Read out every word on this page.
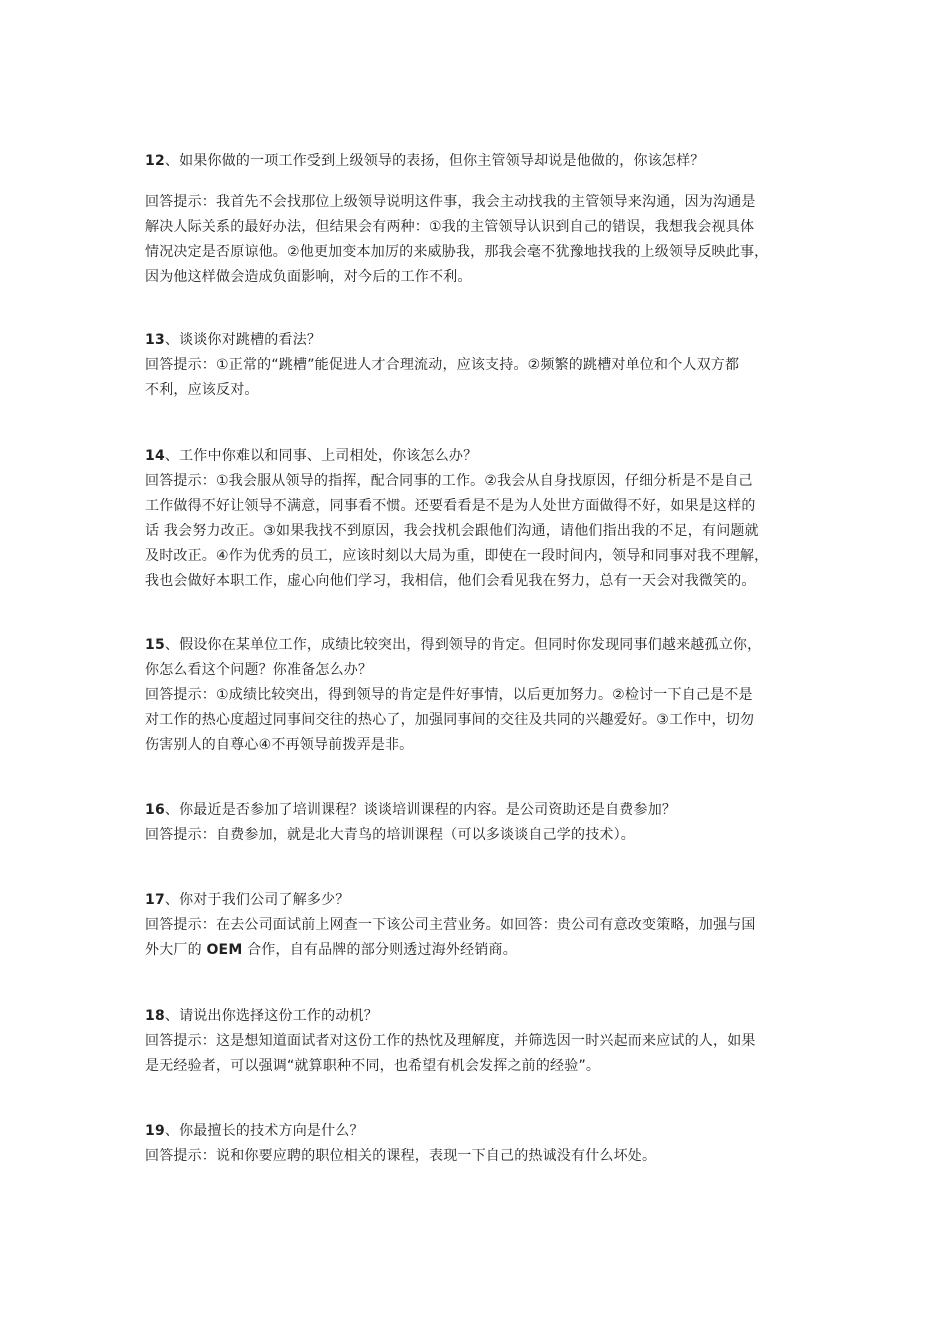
12、如果你做的一项工作受到上级领导的表扬，但你主管领导却说是他做的，你该怎样？
回答提示：我首先不会找那位上级领导说明这件事，我会主动找我的主管领导来沟通，因为沟通是
解决人际关系的最好办法，但结果会有两种：①我的主管领导认识到自己的错误，我想我会视具体
情况决定是否原谅他。②他更加变本加厉的来威胁我，那我会毫不犹豫地找我的上级领导反映此事，
因为他这样做会造成负面影响，对今后的工作不利。
13、谈谈你对跳槽的看法？
回答提示：①正常的“跳槽”能促进人才合理流动，应该支持。②频繁的跳槽对单位和个人双方都
不利，应该反对。
14、工作中你难以和同事、上司相处，你该怎么办？
回答提示：①我会服从领导的指挥，配合同事的工作。②我会从自身找原因，仔细分析是不是自己
工作做得不好让领导不满意，同事看不惯。还要看看是不是为人处世方面做得不好，如果是这样的
话 我会努力改正。③如果我找不到原因，我会找机会跟他们沟通，请他们指出我的不足，有问题就
及时改正。④作为优秀的员工，应该时刻以大局为重，即使在一段时间内，领导和同事对我不理解，
我也会做好本职工作，虚心向他们学习，我相信，他们会看见我在努力，总有一天会对我微笑的。
15、假设你在某单位工作，成绩比较突出，得到领导的肯定。但同时你发现同事们越来越孤立你，
你怎么看这个问题？你准备怎么办？
回答提示：①成绩比较突出，得到领导的肯定是件好事情，以后更加努力。②检讨一下自己是不是
对工作的热心度超过同事间交往的热心了，加强同事间的交往及共同的兴趣爱好。③工作中，切勿
伤害别人的自尊心④不再领导前拨弄是非。
16、你最近是否参加了培训课程？谈谈培训课程的内容。是公司资助还是自费参加？
回答提示：自费参加，就是北大青鸟的培训课程（可以多谈谈自己学的技术）。
17、你对于我们公司了解多少？
回答提示：在去公司面试前上网查一下该公司主营业务。如回答：贵公司有意改变策略，加强与国
外大厂的 OEM 合作，自有品牌的部分则透过海外经销商。
18、请说出你选择这份工作的动机？
回答提示：这是想知道面试者对这份工作的热忱及理解度，并筛选因一时兴起而来应试的人，如果
是无经验者，可以强调“就算职种不同，也希望有机会发挥之前的经验”。
19、你最擅长的技术方向是什么？
回答提示：说和你要应聘的职位相关的课程，表现一下自己的热诚没有什么坏处。
